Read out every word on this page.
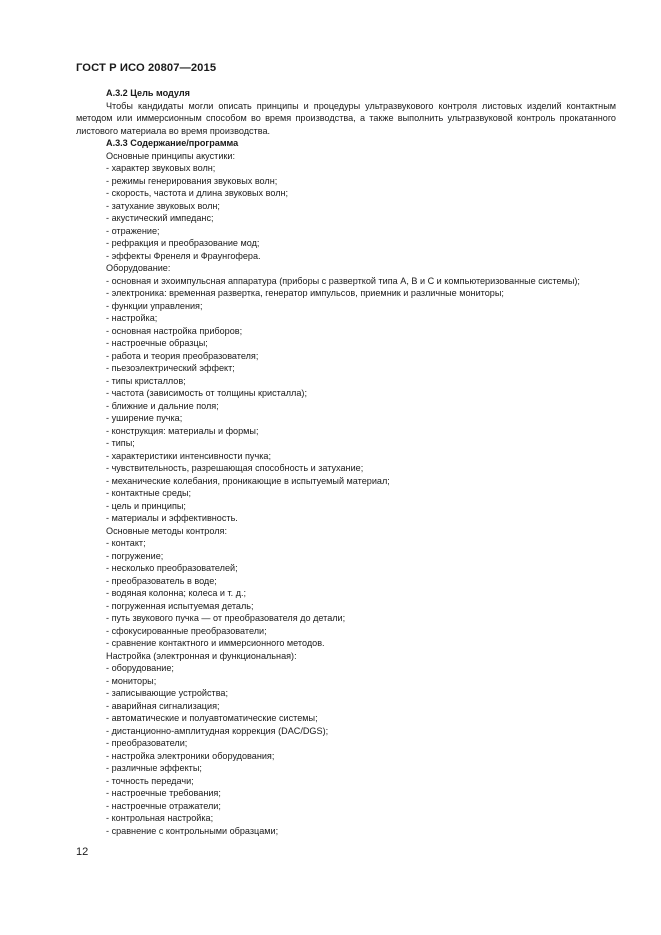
ГОСТ Р ИСО 20807—2015
А.3.2 Цель модуля

Чтобы кандидаты могли описать принципы и процедуры ультразвукового контроля листовых изделий контактным методом или иммерсионным способом во время производства, а также выполнить ультразвуковой контроль прокатанного листового материала во время производства.

А.3.3 Содержание/программа
Основные принципы акустики:
- характер звуковых волн;
- режимы генерирования звуковых волн;
- скорость, частота и длина звуковых волн;
- затухание звуковых волн;
- акустический импеданс;
- отражение;
- рефракция и преобразование мод;
- эффекты Френеля и Фраунгофера.
Оборудование:
- основная и эхоимпульсная аппаратура (приборы с разверткой типа А, В и С и компьютеризованные системы);
- электроника: временная развертка, генератор импульсов, приемник и различные мониторы;
- функции управления;
- настройка;
- основная настройка приборов;
- настроечные образцы;
- работа и теория преобразователя;
- пьезоэлектрический эффект;
- типы кристаллов;
- частота (зависимость от толщины кристалла);
- ближние и дальние поля;
- уширение пучка;
- конструкция: материалы и формы;
- типы;
- характеристики интенсивности пучка;
- чувствительность, разрешающая способность и затухание;
- механические колебания, проникающие в испытуемый материал;
- контактные среды;
- цель и принципы;
- материалы и эффективность.
Основные методы контроля:
- контакт;
- погружение;
- несколько преобразователей;
- преобразователь в воде;
- водяная колонна; колеса и т. д.;
- погруженная испытуемая деталь;
- путь звукового пучка — от преобразователя до детали;
- сфокусированные преобразователи;
- сравнение контактного и иммерсионного методов.
Настройка (электронная и функциональная):
- оборудование;
- мониторы;
- записывающие устройства;
- аварийная сигнализация;
- автоматические и полуавтоматические системы;
- дистанционно-амплитудная коррекция (DAC/DGS);
- преобразователи;
- настройка электроники оборудования;
- различные эффекты;
- точность передачи;
- настроечные требования;
- настроечные отражатели;
- контрольная настройка;
- сравнение с контрольными образцами;
12
